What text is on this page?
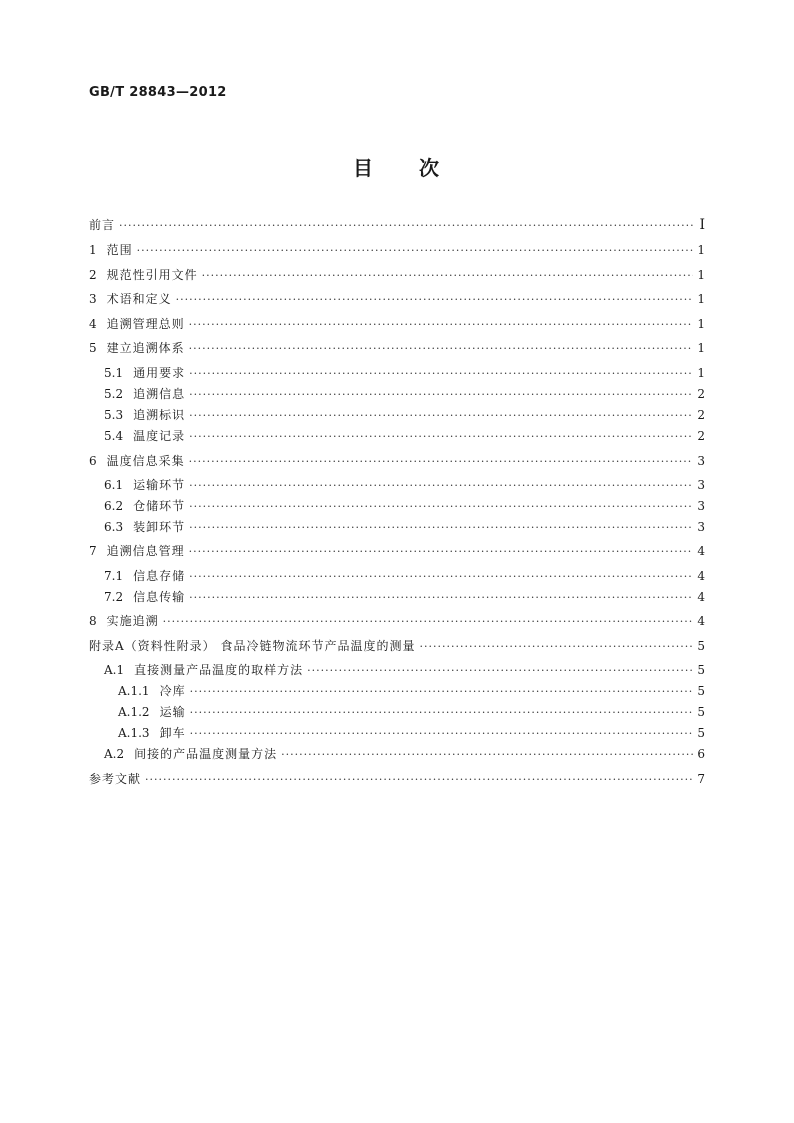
GB/T 28843—2012
目　　次
前言 ·····	Ⅰ
1 范围 ·····	1
2 规范性引用文件 ·····	1
3 术语和定义 ·····	1
4 追溯管理总则 ·····	1
5 建立追溯体系 ·····	1
5.1 通用要求 ·····	1
5.2 追溯信息 ·····	2
5.3 追溯标识 ·····	2
5.4 温度记录 ·····	2
6 温度信息采集 ·····	3
6.1 运输环节 ·····	3
6.2 仓储环节 ·····	3
6.3 装卸环节 ·····	3
7 追溯信息管理 ·····	4
7.1 信息存储 ·····	4
7.2 信息传输 ·····	4
8 实施追溯 ·····	4
附录A（资料性附录） 食品冷链物流环节产品温度的测量 ·····	5
A.1 直接测量产品温度的取样方法 ·····	5
A.1.1 冷库 ·····	5
A.1.2 运输 ·····	5
A.1.3 卸车 ·····	5
A.2 间接的产品温度测量方法 ·····	6
参考文献 ·····	7
